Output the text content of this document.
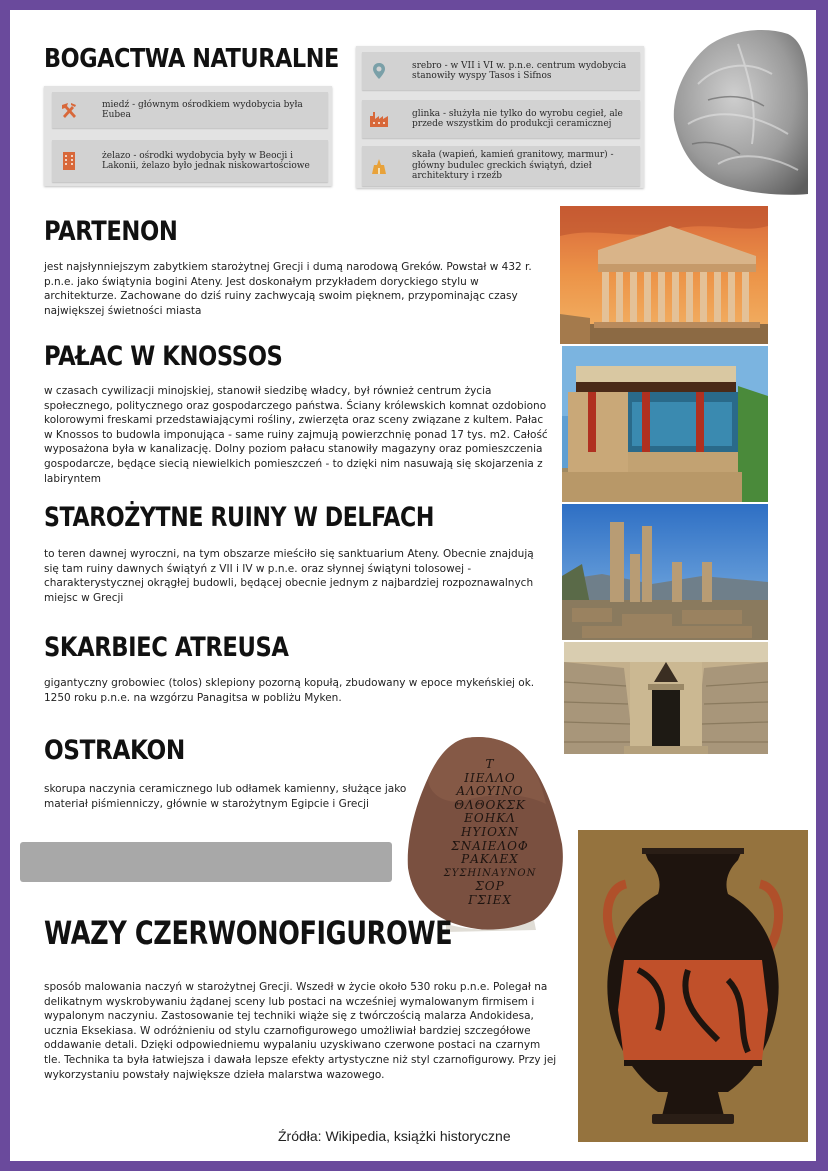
BOGACTWA NATURALNE
miedź - głównym ośrodkiem wydobycia była Eubea
żelazo - ośrodki wydobycia były w Beocji i Lakonii, żelazo było jednak niskowartościowe
srebro - w VII i VI w. p.n.e. centrum wydobycia stanowiły wyspy Tasos i Sifnos
glinka - służyła nie tylko do wyrobu cegieł, ale przede wszystkim do produkcji ceramicznej
skała (wapień, kamień granitowy, marmur) - główny budulec greckich świątyń, dzieł architektury i rzeźb
PARTENON

jest najsłynniejszym zabytkiem starożytnej Grecji i dumą narodową Greków. Powstał w 432 r. p.n.e. jako świątynia bogini Ateny. Jest doskonałym przykładem doryckiego stylu w architekturze. Zachowane do dziś ruiny zachwycają swoim pięknem, przypominając czasy największej świetności miasta

PAŁAC W KNOSSOS

w czasach cywilizacji minojskiej, stanowił siedzibę władcy, był również centrum życia społecznego, politycznego oraz gospodarczego państwa. Ściany królewskich komnat ozdobiono kolorowymi freskami przedstawiającymi rośliny, zwierzęta oraz sceny związane z kultem. Pałac w Knossos to budowla imponująca - same ruiny zajmują powierzchnię ponad 17 tys. m2. Całość wyposażona była w kanalizację. Dolny poziom pałacu stanowiły magazyny oraz pomieszczenia gospodarcze, będące siecią niewielkich pomieszczeń - to dzięki nim nasuwają się skojarzenia z labiryntem

STAROŻYTNE RUINY W DELFACH

to teren dawnej wyroczni, na tym obszarze mieściło się sanktuarium Ateny. Obecnie znajdują się tam ruiny dawnych świątyń z VII i IV w p.n.e. oraz słynnej świątyni tolosowej - charakterystycznej okrągłej budowli, będącej obecnie jednym z najbardziej rozpoznawalnych miejsc w Grecji

SKARBIEC ATREUSA

gigantyczny grobowiec (tolos) sklepiony pozorną kopułą, zbudowany w epoce mykeńskiej ok. 1250 roku p.n.e. na wzgórzu Panagitsa w pobliżu Myken.

OSTRAKON

skorupa naczynia ceramicznego lub odłamek kamienny, służące jako materiał piśmienniczy, głównie w starożytnym Egipcie i Grecji

Τ
ΙΙΕΛΛΟ
ΑΛΟΥΙΝΟ
ΘΛΘΟΚΣΚ
ΕΟΗΚΛ
ΗΥΙΟΧΝ
ΣΝΑΙΕΛΟΦ
ΡΑΚΛΕΧ
ΣΥΣΗΙΝΑΥΝΟΝ
ΣΟΡ
ΓΣΙΕΧ
WAZY CZERWONOFIGUROWE

sposób malowania naczyń w starożytnej Grecji. Wszedł w życie około 530 roku p.n.e. Polegał na delikatnym wyskrobywaniu żądanej sceny lub postaci na wcześniej wymalowanym firmisem i wypalonym naczyniu. Zastosowanie tej techniki wiąże się z twórczością malarza Andokidesa, ucznia Eksekiasa. W odróżnieniu od stylu czarnofigurowego umożliwiał bardziej szczegółowe oddawanie detali. Dzięki odpowiedniemu wypalaniu uzyskiwano czerwone postaci na czarnym tle. Technika ta była łatwiejsza i dawała lepsze efekty artystyczne niż styl czarnofigurowy. Przy jej wykorzystaniu powstały największe dzieła malarstwa wazowego.

Źródła: Wikipedia, książki historyczne
